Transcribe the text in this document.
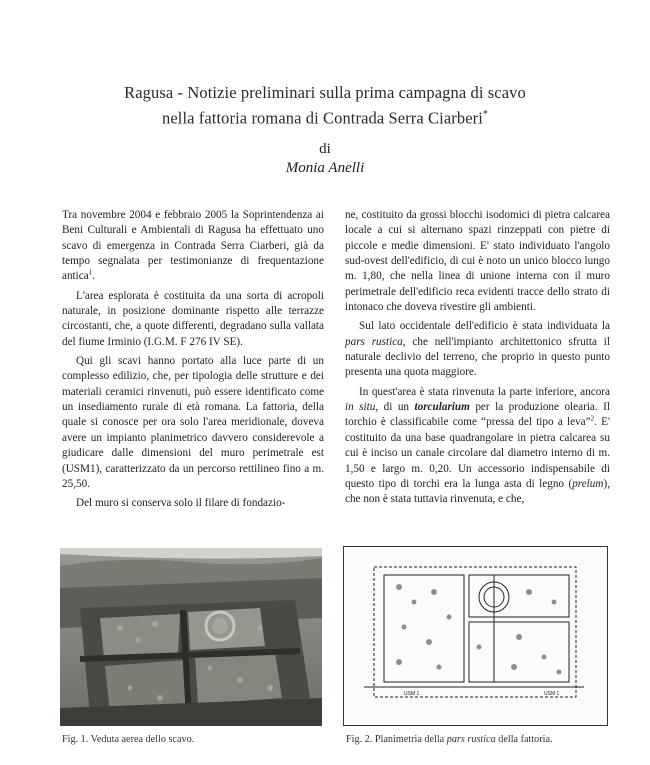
Ragusa - Notizie preliminari sulla prima campagna di scavo
nella fattoria romana di Contrada Serra Ciarberi*
di
Monia Anelli

Tra novembre 2004 e febbraio 2005 la Soprintendenza ai Beni Culturali e Ambientali di Ragusa ha effettuato uno scavo di emergenza in Contrada Serra Ciarberi, già da tempo segnalata per testimonianze di frequentazione antica$^1$.

L'area esplorata è costituita da una sorta di acropoli naturale, in posizione dominante rispetto alle terrazze circostanti, che, a quote differenti, degradano sulla vallata del fiume Irminio (I.G.M. F 276 IV SE).

Qui gli scavi hanno portato alla luce parte di un complesso edilizio, che, per tipologia delle strutture e dei materiali ceramici rinvenuti, può essere identificato come un insediamento rurale di età romana. La fattoria, della quale si conosce per ora solo l'area meridionale, doveva avere un impianto planimetrico davvero considerevole a giudicare dalle dimensioni del muro perimetrale est (USM1), caratterizzato da un percorso rettilineo fino a m. 25,50.

Del muro si conserva solo il filare di fondazio-

ne, costituito da grossi blocchi isodomici di pietra calcarea locale a cui si alternano spazi rinzeppati con pietre di piccole e medie dimensioni. E' stato individuato l'angolo sud-ovest dell'edificio, di cui è noto un unico blocco lungo m. 1,80, che nella linea di unione interna con il muro perimetrale dell'edificio reca evidenti tracce dello strato di intonaco che doveva rivestire gli ambienti.

Sul lato occidentale dell'edificio è stata individuata la pars rustica, che nell'impianto architettonico sfrutta il naturale declivio del terreno, che proprio in questo punto presenta una quota maggiore.

In quest'area è stata rinvenuta la parte inferiore, ancora in situ, di un torcularium per la produzione olearia. Il torchio è classificabile come “pressa del tipo a leva”$^2$. E' costituito da una base quadrangolare in pietra calcarea su cui è inciso un canale circolare dal diametro interno di m. 1,50 e largo m. 0,20. Un accessorio indispensabile di questo tipo di torchi era la lunga asta di legno (prelum), che non è stata tuttavia rinvenuta, e che,

USM 1	USM 1
Fig. 1. Veduta aerea dello scavo.	Fig. 2. Planimetria della pars rustica della fattoria.
